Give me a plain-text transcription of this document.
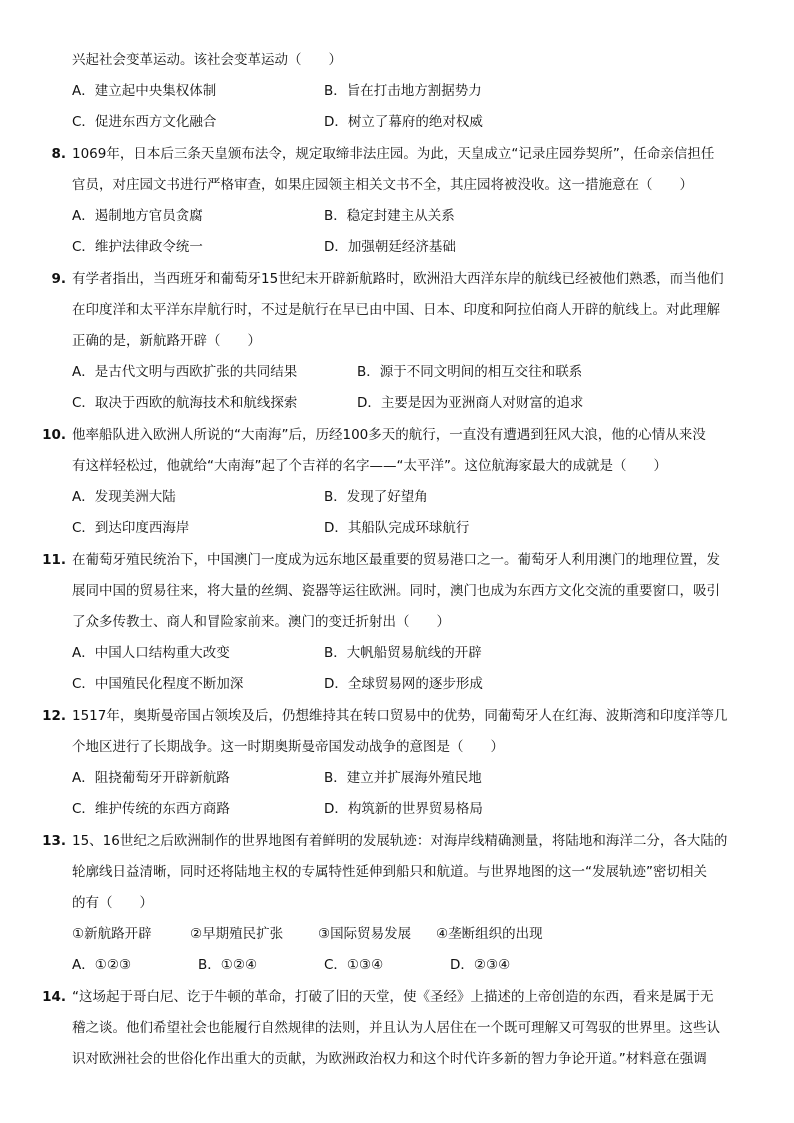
兴起社会变革运动。该社会变革运动（　　）
A．建立起中央集权体制	B．旨在打击地方割据势力
C．促进东西方文化融合	D．树立了幕府的绝对权威
8. 1069年，日本后三条天皇颁布法令，规定取缔非法庄园。为此，天皇成立“记录庄园券契所”，任命亲信担任
官员，对庄园文书进行严格审查，如果庄园领主相关文书不全，其庄园将被没收。这一措施意在（　　）
A．遏制地方官员贪腐	B．稳定封建主从关系
C．维护法律政令统一	D．加强朝廷经济基础
9. 有学者指出，当西班牙和葡萄牙15世纪末开辟新航路时，欧洲沿大西洋东岸的航线已经被他们熟悉，而当他们
在印度洋和太平洋东岸航行时，不过是航行在早已由中国、日本、印度和阿拉伯商人开辟的航线上。对此理解
正确的是，新航路开辟（　　）
A．是古代文明与西欧扩张的共同结果	B．源于不同文明间的相互交往和联系
C．取决于西欧的航海技术和航线探索	D．主要是因为亚洲商人对财富的追求
10. 他率船队进入欧洲人所说的“大南海”后，历经100多天的航行，一直没有遭遇到狂风大浪，他的心情从来没
有这样轻松过，他就给“大南海”起了个吉祥的名字——“太平洋”。这位航海家最大的成就是（　　）
A．发现美洲大陆	B．发现了好望角
C．到达印度西海岸	D．其船队完成环球航行
11. 在葡萄牙殖民统治下，中国澳门一度成为远东地区最重要的贸易港口之一。葡萄牙人利用澳门的地理位置，发
展同中国的贸易往来，将大量的丝绸、瓷器等运往欧洲。同时，澳门也成为东西方文化交流的重要窗口，吸引
了众多传教士、商人和冒险家前来。澳门的变迁折射出（　　）
A．中国人口结构重大改变	B．大帆船贸易航线的开辟
C．中国殖民化程度不断加深	D．全球贸易网的逐步形成
12. 1517年，奥斯曼帝国占领埃及后，仍想维持其在转口贸易中的优势，同葡萄牙人在红海、波斯湾和印度洋等几
个地区进行了长期战争。这一时期奥斯曼帝国发动战争的意图是（　　）
A．阻挠葡萄牙开辟新航路	B．建立并扩展海外殖民地
C．维护传统的东西方商路	D．构筑新的世界贸易格局
13. 15、16世纪之后欧洲制作的世界地图有着鲜明的发展轨迹：对海岸线精确测量，将陆地和海洋二分，各大陆的
轮廓线日益清晰，同时还将陆地主权的专属特性延伸到船只和航道。与世界地图的这一“发展轨迹”密切相关
的有（　　）
①新航路开辟	②早期殖民扩张	③国际贸易发展 ④垄断组织的出现
A．①②③	B．①②④	C．①③④	D．②③④
14. “这场起于哥白尼、讫于牛顿的革命，打破了旧的天堂，使《圣经》上描述的上帝创造的东西，看来是属于无
稽之谈。他们希望社会也能履行自然规律的法则，并且认为人居住在一个既可理解又可驾驭的世界里。这些认
识对欧洲社会的世俗化作出重大的贡献，为欧洲政治权力和这个时代许多新的智力争论开道。”材料意在强调
